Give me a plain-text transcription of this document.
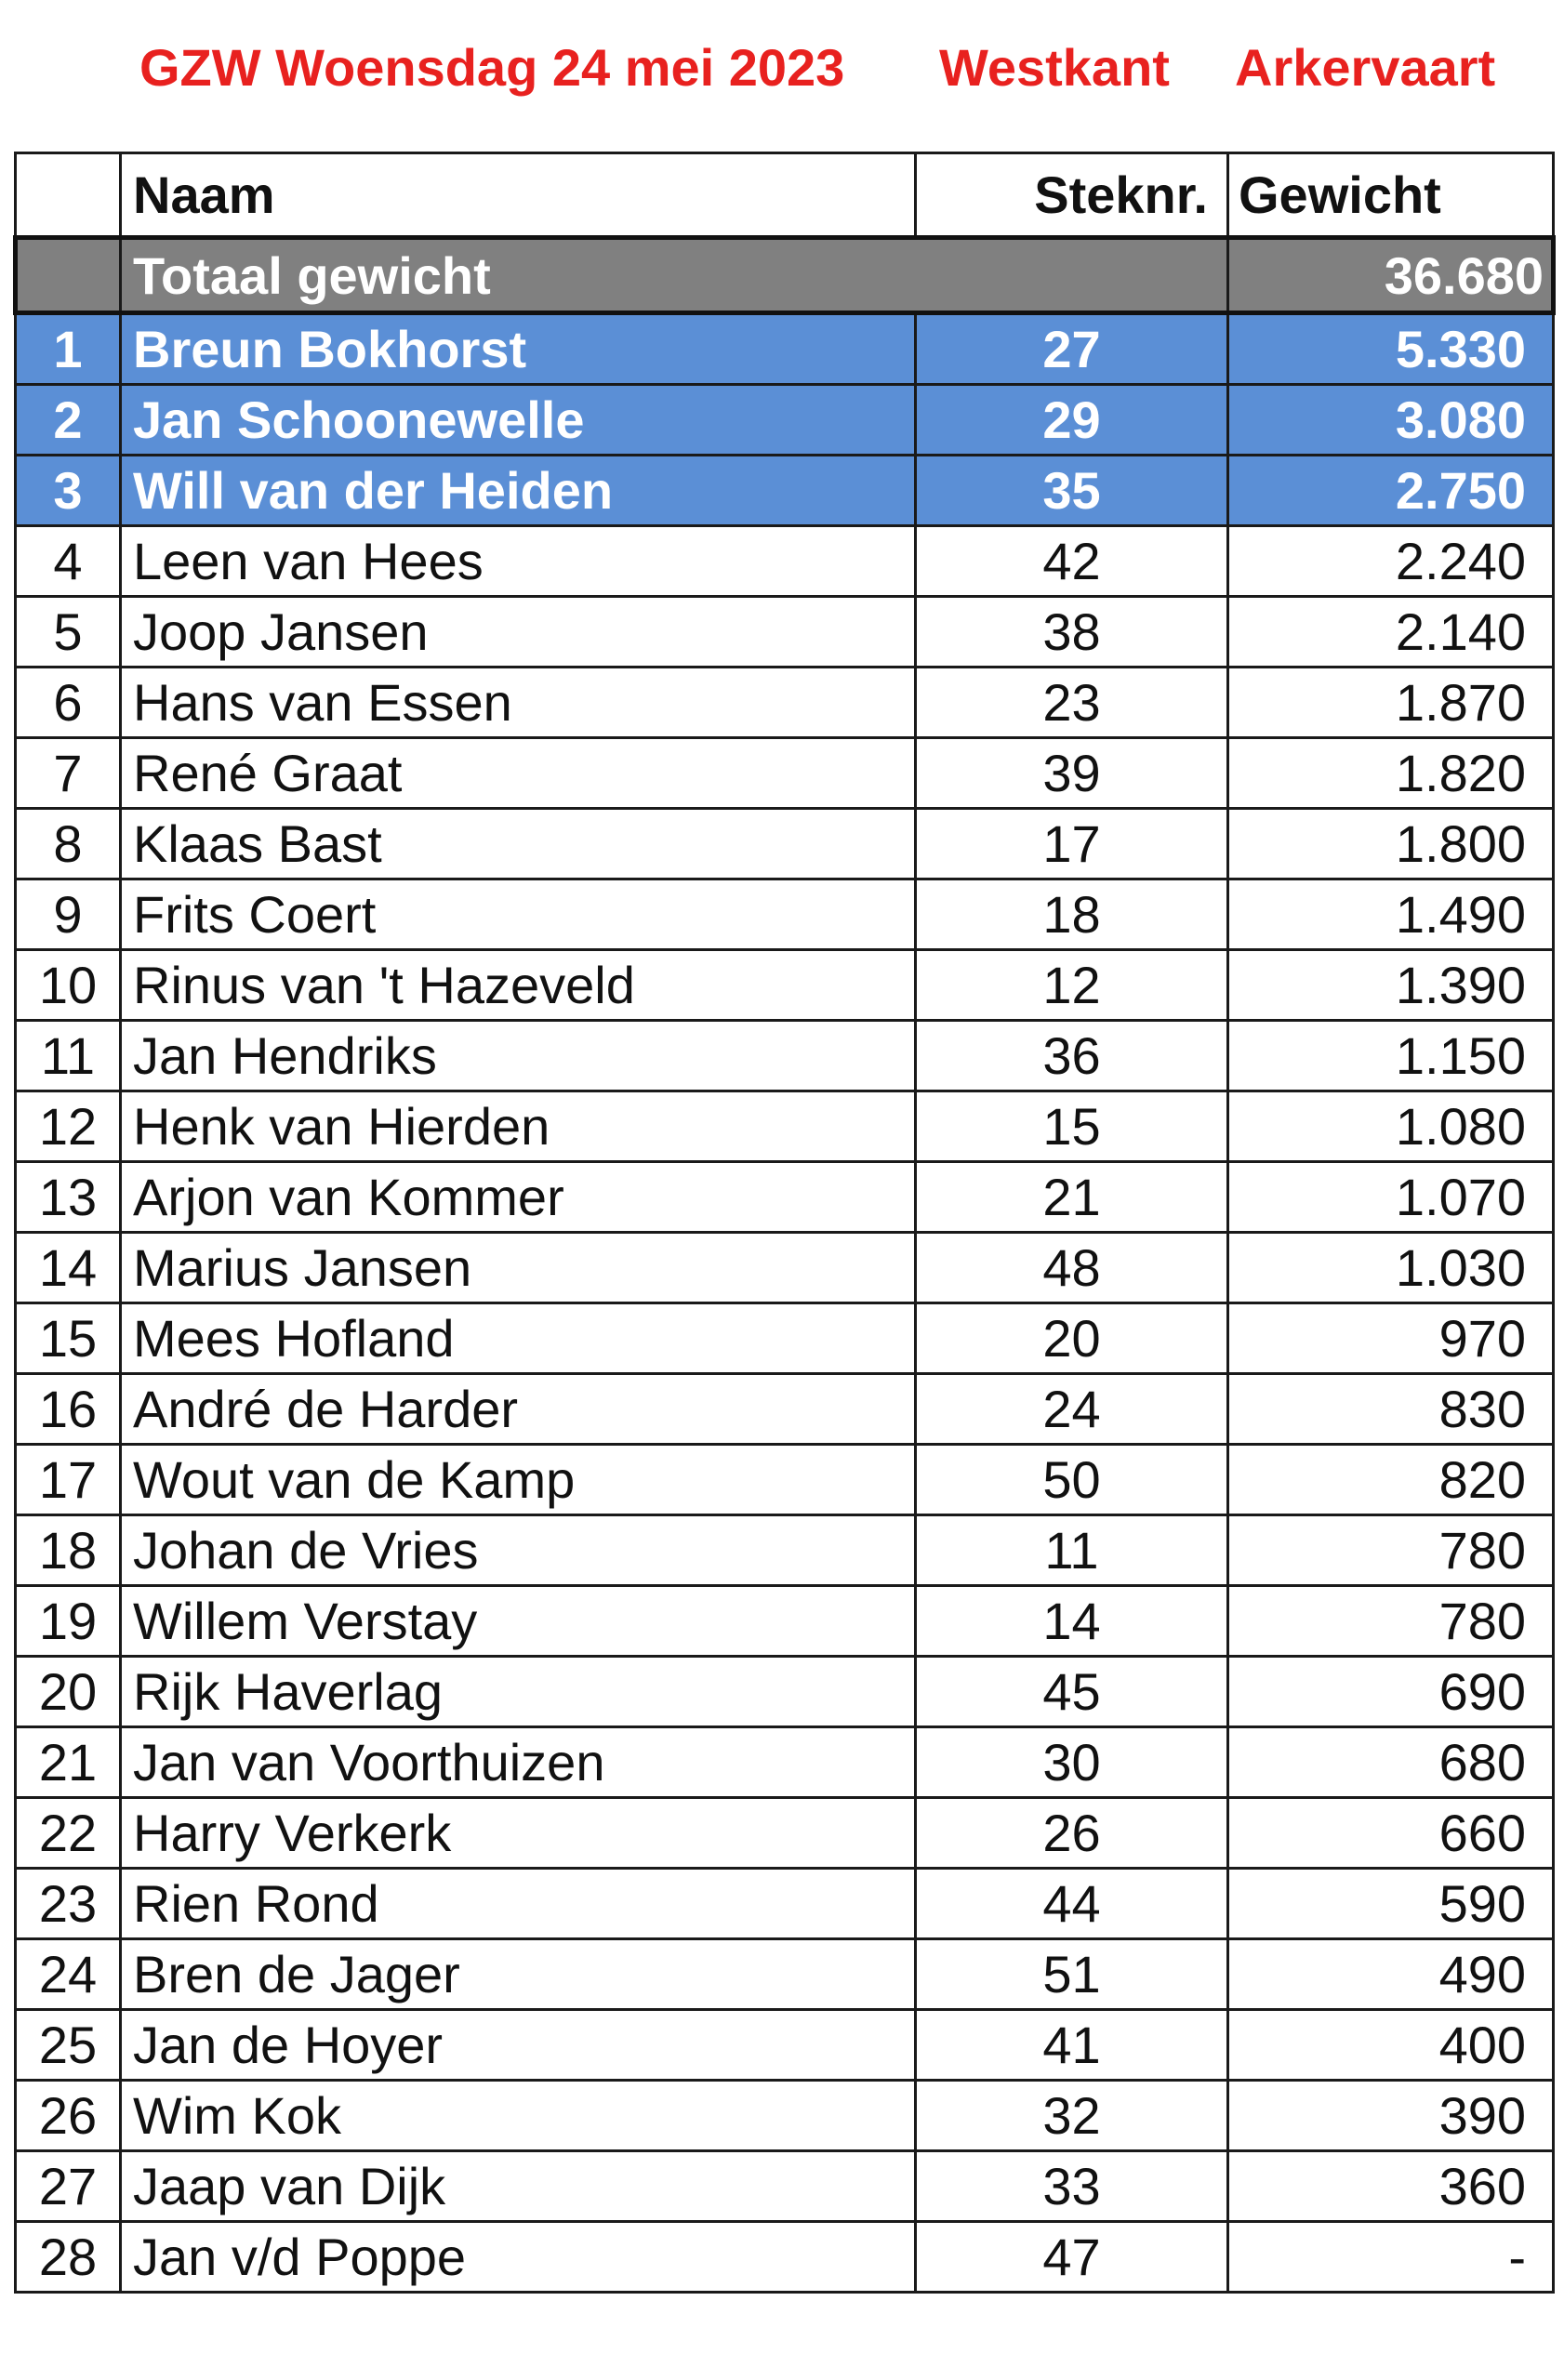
GZW Woensdag 24 mei 2023 Westkant Arkervaart
	Naam	Steknr.	Gewicht
	Totaal gewicht		36.680
1	Breun Bokhorst	27	5.330
2	Jan Schoonewelle	29	3.080
3	Will van der Heiden	35	2.750
4	Leen van Hees	42	2.240
5	Joop Jansen	38	2.140
6	Hans van Essen	23	1.870
7	René Graat	39	1.820
8	Klaas Bast	17	1.800
9	Frits Coert	18	1.490
10	Rinus van 't Hazeveld	12	1.390
11	Jan Hendriks	36	1.150
12	Henk van Hierden	15	1.080
13	Arjon van Kommer	21	1.070
14	Marius Jansen	48	1.030
15	Mees Hofland	20	970
16	André de Harder	24	830
17	Wout van de Kamp	50	820
18	Johan de Vries	11	780
19	Willem Verstay	14	780
20	Rijk Haverlag	45	690
21	Jan van Voorthuizen	30	680
22	Harry Verkerk	26	660
23	Rien Rond	44	590
24	Bren de Jager	51	490
25	Jan de Hoyer	41	400
26	Wim Kok	32	390
27	Jaap van Dijk	33	360
28	Jan v/d Poppe	47	-
